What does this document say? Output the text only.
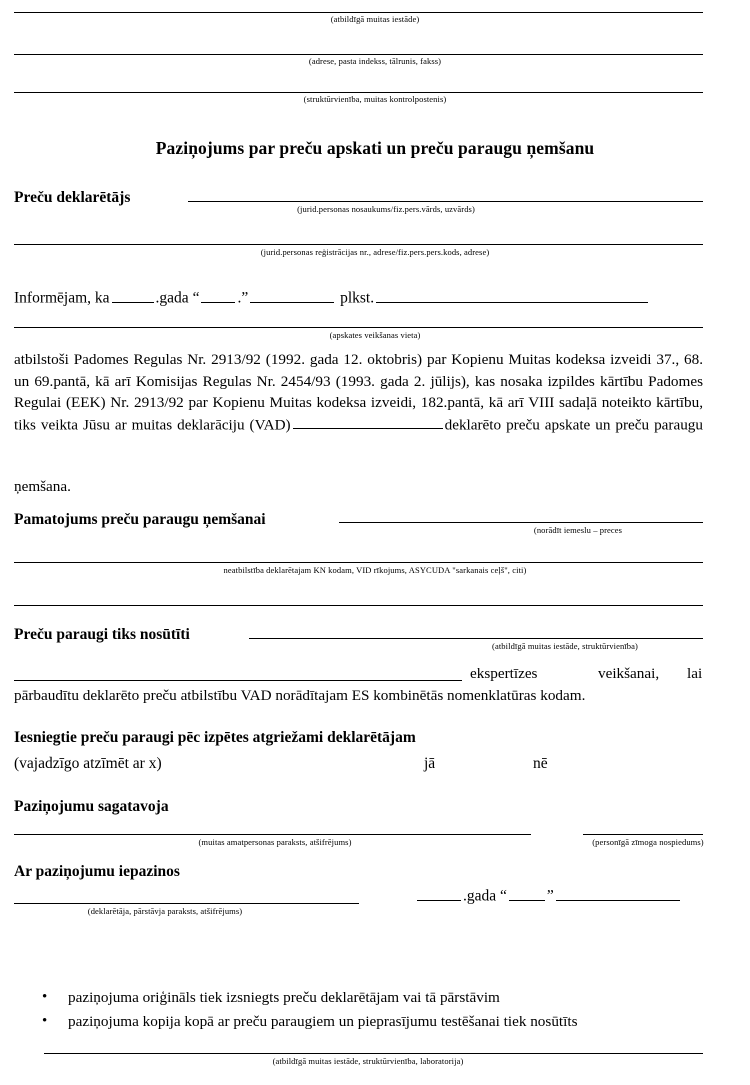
(atbildīgā muitas iestāde)
(adrese, pasta indekss, tālrunis, fakss)
(struktūrvienība, muitas kontrolpostenis)
Paziņojums par preču apskati un preču paraugu ņemšanu
Preču deklarētājs
(jurid.personas nosaukums/fiz.pers.vārds, uzvārds)
(jurid.personas reģistrācijas nr., adrese/fiz.pers.pers.kods, adrese)
Informējam, ka	.gada “ .”	plkst.
(apskates veikšanas vieta)
atbilstoši Padomes Regulas Nr. 2913/92 (1992. gada 12. oktobris) par Kopienu Muitas kodeksa izveidi 37., 68. un 69.pantā, kā arī Komisijas Regulas Nr. 2454/93 (1993. gada 2. jūlijs), kas nosaka izpildes kārtību Padomes Regulai (EEK) Nr. 2913/92 par Kopienu Muitas kodeksa izveidi, 182.pantā, kā arī VIII sadaļā noteikto kārtību, tiks veikta Jūsu ar muitas deklarāciju (VAD)	deklarēto preču apskate un preču paraugu
ņemšana.
Pamatojums preču paraugu ņemšanai
(norādīt iemeslu – preces
neatbilstība deklarētajam KN kodam, VID rīkojums, ASYCUDA "sarkanais ceļš", citi)
Preču paraugi tiks nosūtīti
(atbildīgā muitas iestāde, struktūrvienība)
ekspertīzes	veikšanai, lai
pārbaudītu deklarēto preču atbilstību VAD norādītajam ES kombinētās nomenklatūras kodam.
Iesniegtie preču paraugi pēc izpētes atgriežami deklarētājam
(vajadzīgo atzīmēt ar x)	jā	nē
Paziņojumu sagatavoja
(muitas amatpersonas paraksts, atšifrējums)	(personīgā zīmoga nospiedums)
Ar paziņojumu iepazinos
(deklarētāja, pārstāvja paraksts, atšifrējums)
.gada “	”
• paziņojuma oriģināls tiek izsniegts preču deklarētājam vai tā pārstāvim
• paziņojuma kopija kopā ar preču paraugiem un pieprasījumu testēšanai tiek nosūtīts
(atbildīgā muitas iestāde, struktūrvienība, laboratorija)
